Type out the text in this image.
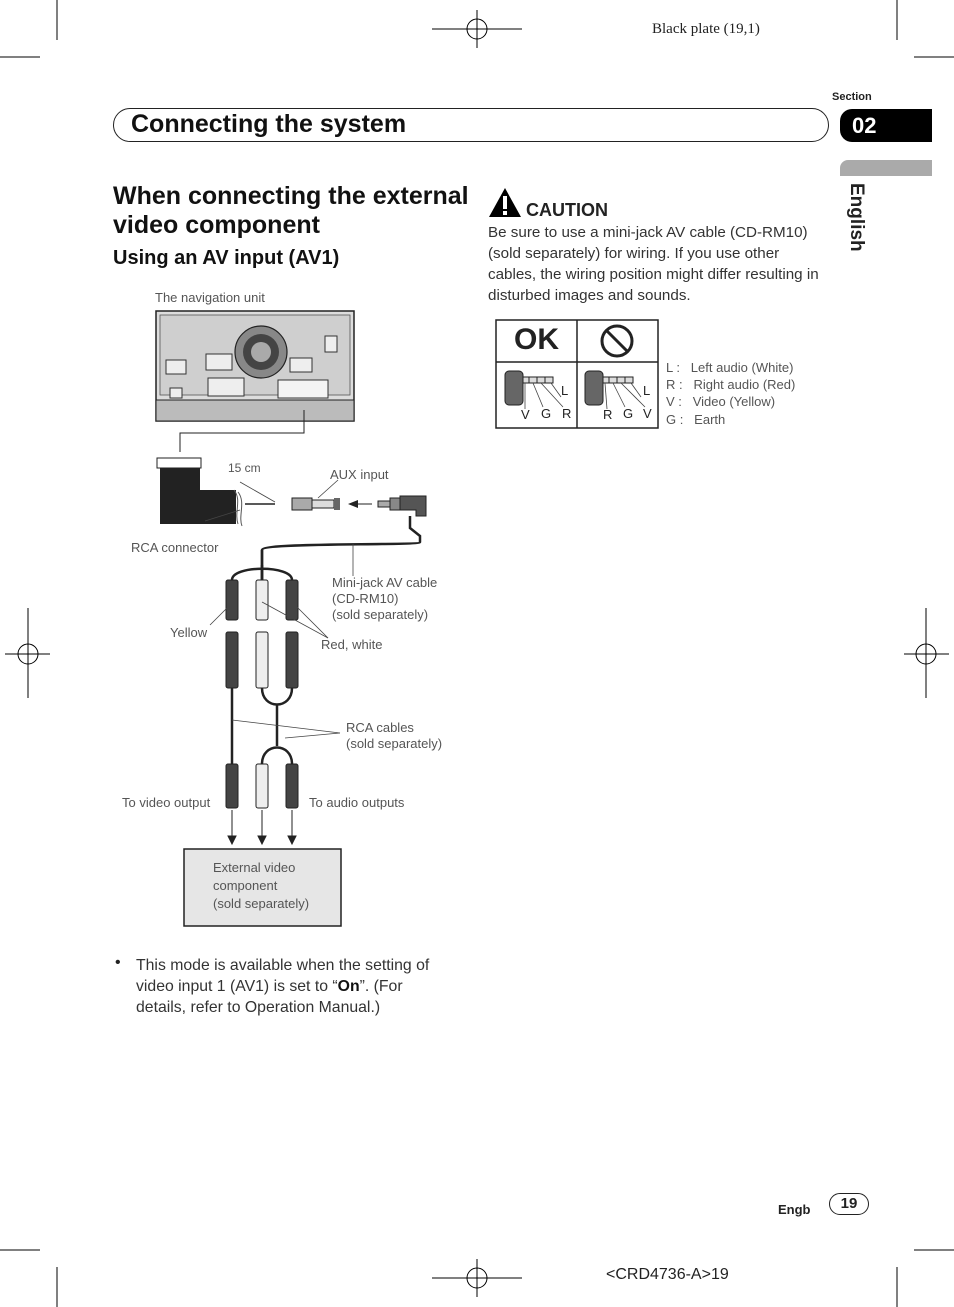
Black plate (19,1)
Connecting the system
Section
02
English
When connecting the external video component
Using an AV input (AV1)
The navigation unit
15 cm	AUX input
RCA connector
Mini-jack AV cable
(CD-RM10)
(sold separately)
Yellow
Red, white
RCA cables
(sold separately)
To video output	To audio outputs
External video
component
(sold separately)
CAUTION
Be sure to use a mini-jack AV cable (CD-RM10) (sold separately) for wiring. If you use other cables, the wiring position might differ resulting in disturbed images and sounds.
OK
L
V G R
L
R G V
L :   Left audio (White)
R :   Right audio (Red)
V :   Video (Yellow)
G :   Earth
• This mode is available when the setting of video input 1 (AV1) is set to “On”. (For details, refer to Operation Manual.)
Engb	19
<CRD4736-A>19
